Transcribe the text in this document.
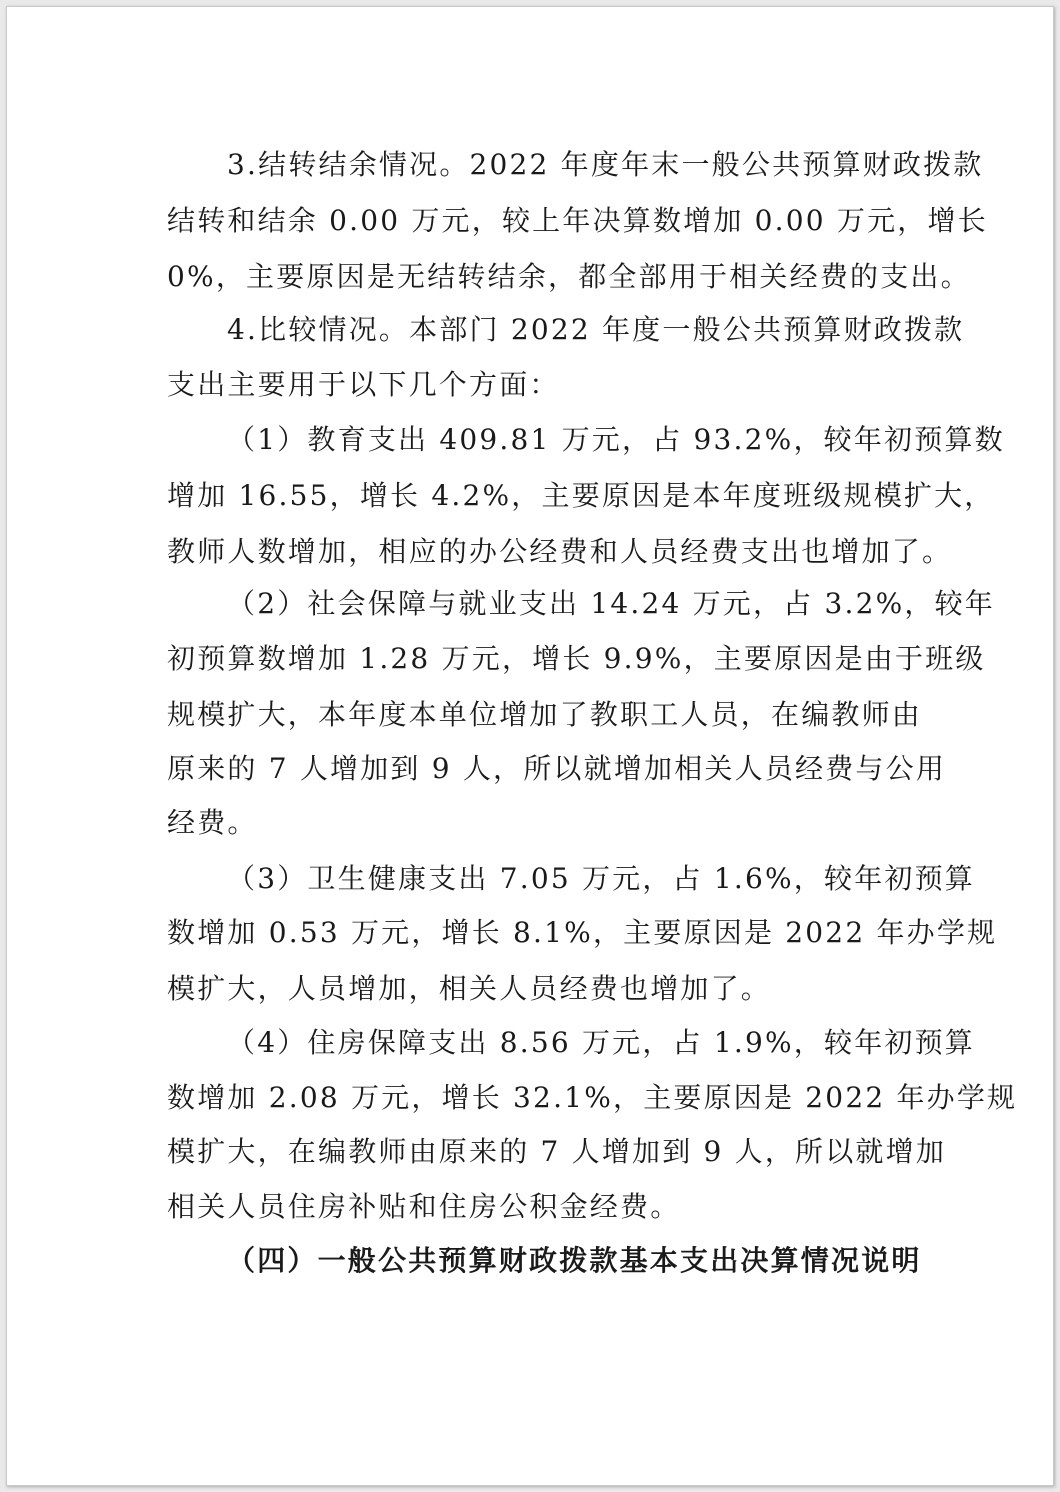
3.结转结余情况。2022 年度年末一般公共预算财政拨款
结转和结余 0.00 万元，较上年决算数增加 0.00 万元，增长
0%，主要原因是无结转结余，都全部用于相关经费的支出。
4.比较情况。本部门 2022 年度一般公共预算财政拨款
支出主要用于以下几个方面：
（1）教育支出 409.81 万元，占 93.2%，较年初预算数
增加 16.55，增长 4.2%，主要原因是本年度班级规模扩大，
教师人数增加，相应的办公经费和人员经费支出也增加了。
（2）社会保障与就业支出 14.24 万元，占 3.2%，较年
初预算数增加 1.28 万元，增长 9.9%，主要原因是由于班级
规模扩大，本年度本单位增加了教职工人员，在编教师由
原来的 7 人增加到 9 人，所以就增加相关人员经费与公用
经费。
（3）卫生健康支出 7.05 万元，占 1.6%，较年初预算
数增加 0.53 万元，增长 8.1%，主要原因是 2022 年办学规
模扩大，人员增加，相关人员经费也增加了。
（4）住房保障支出 8.56 万元，占 1.9%，较年初预算
数增加 2.08 万元，增长 32.1%，主要原因是 2022 年办学规
模扩大，在编教师由原来的 7 人增加到 9 人，所以就增加
相关人员住房补贴和住房公积金经费。
（四）一般公共预算财政拨款基本支出决算情况说明
